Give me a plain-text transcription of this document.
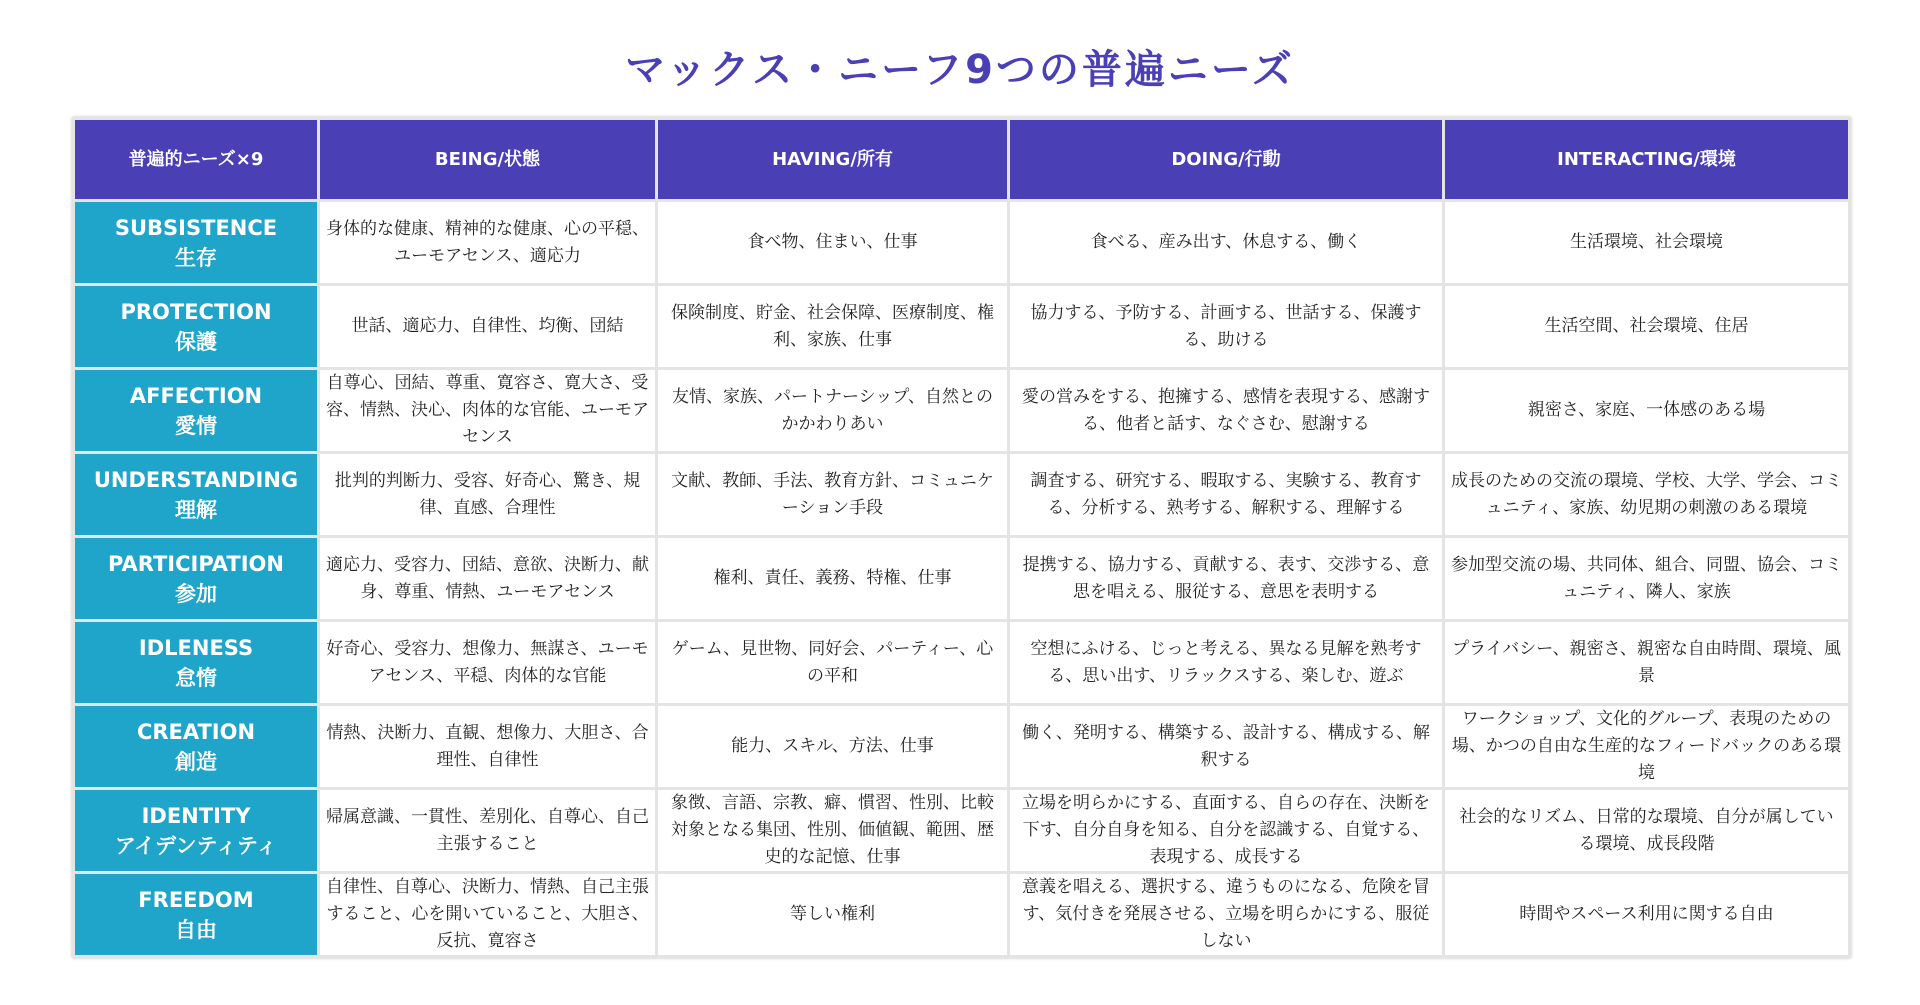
マックス・ニーフ9つの普遍ニーズ
普遍的ニーズ×9	BEING/状態	HAVING/所有	DOING/行動	INTERACTING/環境

SUBSISTENCE
生存	身体的な健康、精神的な健康、心の平穏、ユーモアセンス、適応力	食べ物、住まい、仕事	食べる、産み出す、休息する、働く	生活環境、社会環境

PROTECTION
保護	世話、適応力、自律性、均衡、団結	保険制度、貯金、社会保障、医療制度、権利、家族、仕事	協力する、予防する、計画する、世話する、保護する、助ける	生活空間、社会環境、住居

AFFECTION
愛情	自尊心、団結、尊重、寛容さ、寛大さ、受容、情熱、決心、肉体的な官能、ユーモアセンス	友情、家族、パートナーシップ、自然とのかかわりあい	愛の営みをする、抱擁する、感情を表現する、感謝する、他者と話す、なぐさむ、慰謝する	親密さ、家庭、一体感のある場

UNDERSTANDING
理解	批判的判断力、受容、好奇心、驚き、規律、直感、合理性	文献、教師、手法、教育方針、コミュニケーション手段	調査する、研究する、暇取する、実験する、教育する、分析する、熟考する、解釈する、理解する	成長のための交流の環境、学校、大学、学会、コミュニティ、家族、幼児期の刺激のある環境

PARTICIPATION
参加	適応力、受容力、団結、意欲、決断力、献身、尊重、情熱、ユーモアセンス	権利、責任、義務、特権、仕事	提携する、協力する、貢献する、表す、交渉する、意思を唱える、服従する、意思を表明する	参加型交流の場、共同体、組合、同盟、協会、コミュニティ、隣人、家族

IDLENESS
怠惰	好奇心、受容力、想像力、無謀さ、ユーモアセンス、平穏、肉体的な官能	ゲーム、見世物、同好会、パーティー、心の平和	空想にふける、じっと考える、異なる見解を熟考する、思い出す、リラックスする、楽しむ、遊ぶ	プライバシー、親密さ、親密な自由時間、環境、風景

CREATION
創造	情熱、決断力、直観、想像力、大胆さ、合理性、自律性	能力、スキル、方法、仕事	働く、発明する、構築する、設計する、構成する、解釈する	ワークショップ、文化的グループ、表現のための場、かつの自由な生産的なフィードバックのある環境

IDENTITY
アイデンティティ	帰属意識、一貫性、差別化、自尊心、自己主張すること	象徴、言語、宗教、癖、慣習、性別、比較対象となる集団、性別、価値観、範囲、歴史的な記憶、仕事	立場を明らかにする、直面する、自らの存在、決断を下す、自分自身を知る、自分を認識する、自覚する、表現する、成長する	社会的なリズム、日常的な環境、自分が属している環境、成長段階

FREEDOM
自由	自律性、自尊心、決断力、情熱、自己主張すること、心を開いていること、大胆さ、反抗、寛容さ	等しい権利	意義を唱える、選択する、違うものになる、危険を冒す、気付きを発展させる、立場を明らかにする、服従しない	時間やスペース利用に関する自由
